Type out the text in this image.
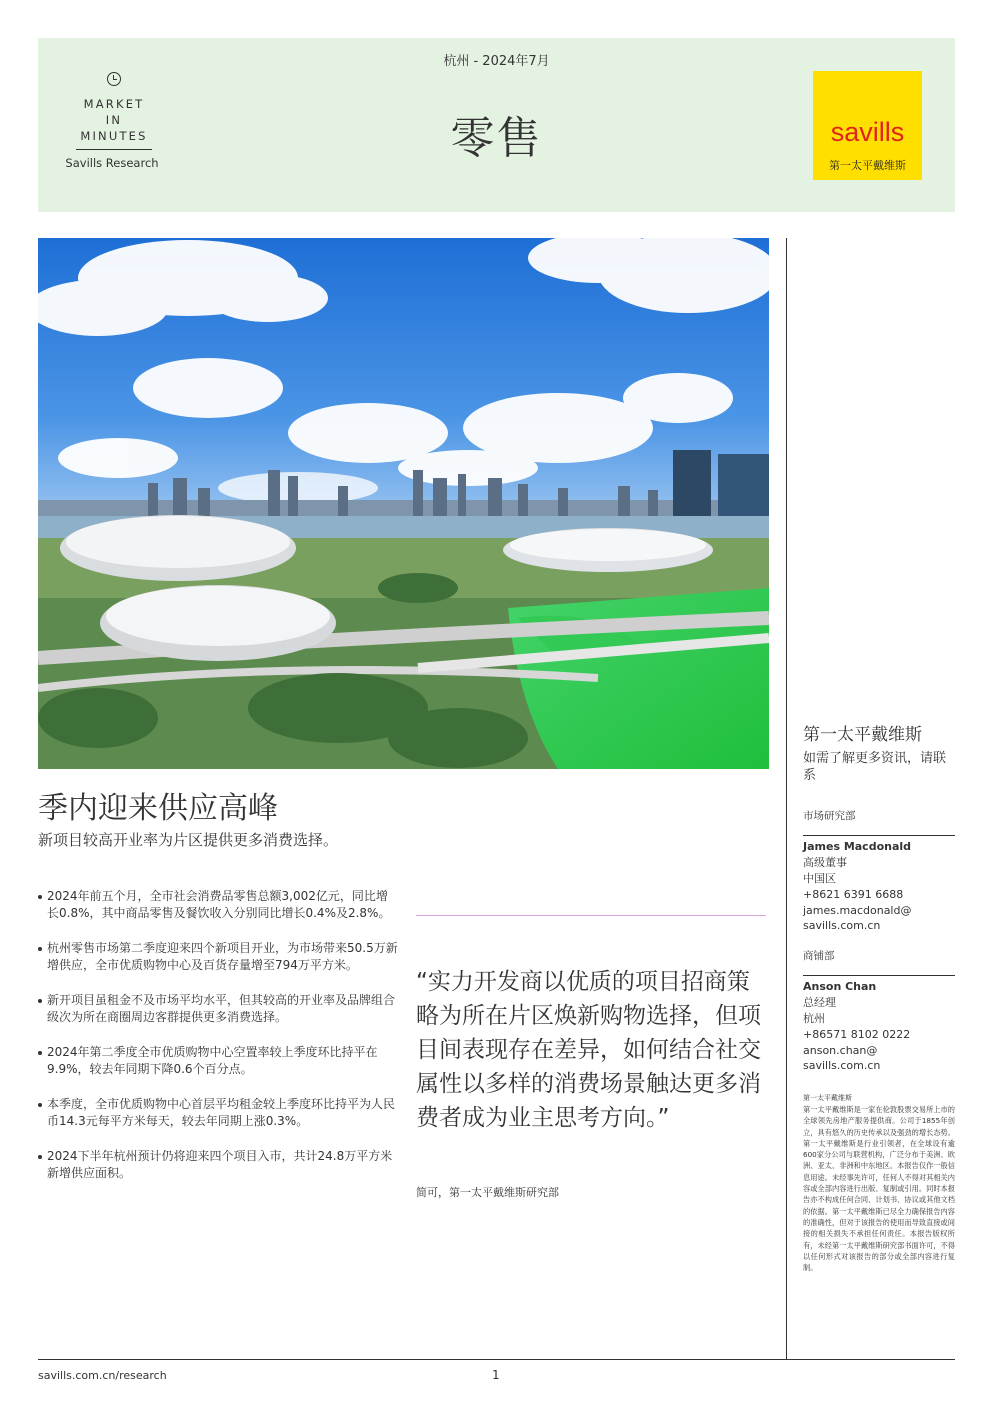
MARKET
IN
MINUTES
Savills Research
杭州 - 2024年7月
零售	savills
第一太平戴维斯
季内迎来供应高峰
新项目较高开业率为片区提供更多消费选择。
2024年前五个月，全市社会消费品零售总额3,002亿元，同比增长0.8%，其中商品零售及餐饮收入分别同比增长0.4%及2.8%。
杭州零售市场第二季度迎来四个新项目开业，为市场带来50.5万新增供应，全市优质购物中心及百货存量增至794万平方米。
新开项目虽租金不及市场平均水平，但其较高的开业率及品牌组合级次为所在商圈周边客群提供更多消费选择。
2024年第二季度全市优质购物中心空置率较上季度环比持平在9.9%，较去年同期下降0.6个百分点。
本季度，全市优质购物中心首层平均租金较上季度环比持平为人民币14.3元每平方米每天，较去年同期上涨0.3%。
2024下半年杭州预计仍将迎来四个项目入市，共计24.8万平方米新增供应面积。
“实力开发商以优质的项目招商策略为所在片区焕新购物选择，但项目间表现存在差异，如何结合社交属性以多样的消费场景触达更多消费者成为业主思考方向。”
简可，第一太平戴维斯研究部
第一太平戴维斯
如需了解更多资讯，请联系
市场研究部
James Macdonald
高级董事
中国区
+8621 6391 6688
james.macdonald@
savills.com.cn
商铺部
Anson Chan
总经理
杭州
+86571 8102 0222
anson.chan@
savills.com.cn
第一太平戴维斯
第一太平戴维斯是一家在伦敦股票交易所上市的全球领先房地产服务提供商。公司于1855年创立，具有悠久的历史传承以及强劲的增长态势。第一太平戴维斯是行业引领者，在全球设有逾600家分公司与联营机构，广泛分布于美洲、欧洲、亚太、非洲和中东地区。本报告仅作一般信息用途。未经事先许可，任何人不得对其相关内容或全部内容进行出版、复制或引用。同时本报告亦不构成任何合同、计划书、协议或其他文档的依据。第一太平戴维斯已尽全力确保报告内容的准确性，但对于该报告的使用而导致直接或间接的相关损失不承担任何责任。本报告版权所有，未经第一太平戴维斯研究部书面许可，不得以任何形式对该报告的部分或全部内容进行复制。
savills.com.cn/research	1
